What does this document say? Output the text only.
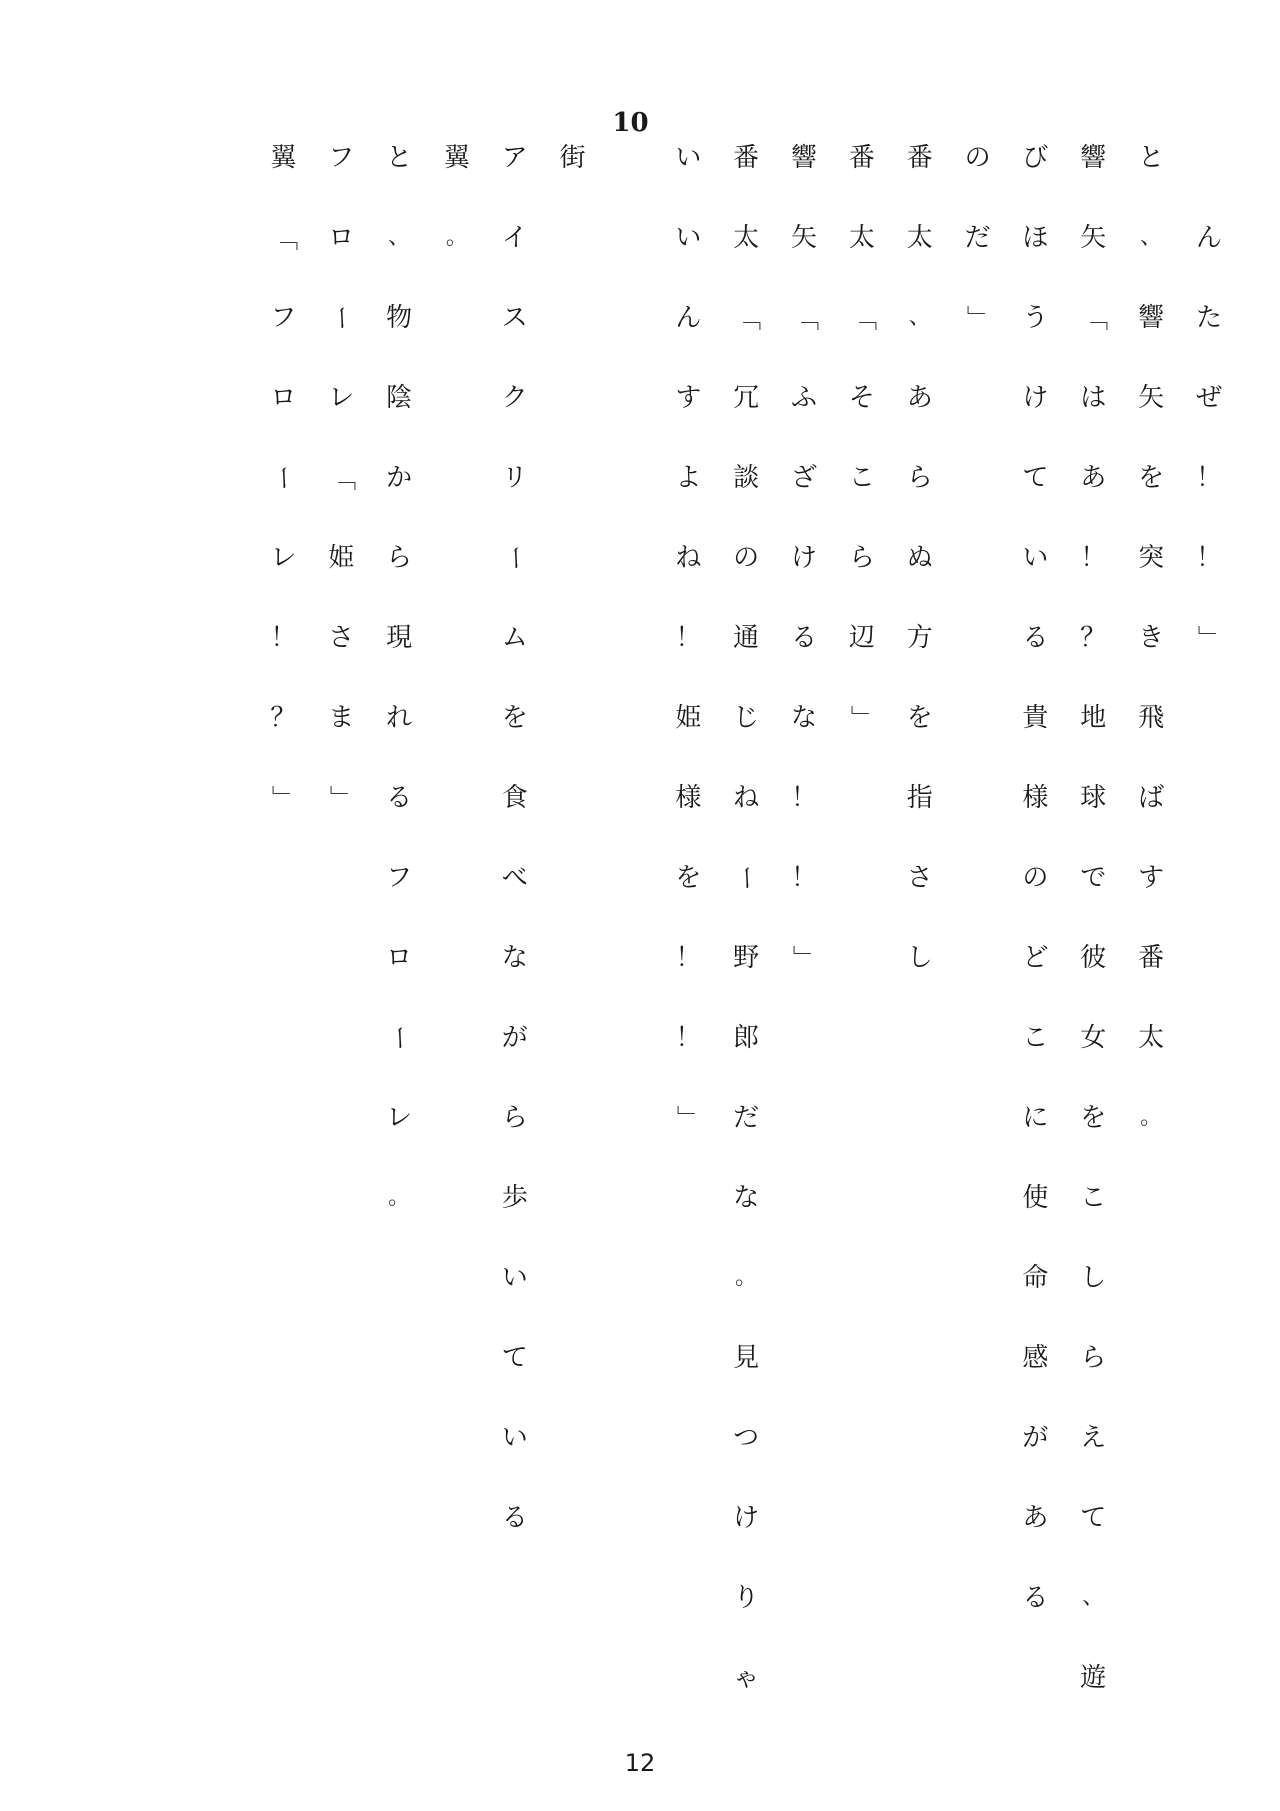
ん
た
ぜ
！
！
」
と
、
響
矢
を
突
き
飛
ば
す
番
太
。
響
矢
「
は
あ
！
？
地
球
で
彼
女
を
こ
し
ら
え
て
、
遊
び
ほ
う
け
て
い
る
貴
様
の
ど
こ
に
使
命
感
が
あ
る
の
だ
」
番
太
、
あ
ら
ぬ
方
を
指
さ
し
番
太
「
そ
こ
ら
辺
」
響
矢
「
ふ
ざ
け
る
な
！
！
」
番
太
「
冗
談
の
通
じ
ね
ー
野
郎
だ
な
。
見
つ
け
り
ゃ
い
い
ん
す
よ
ね
！
姫
様
を
！
！
」
街
ア
イ
ス
ク
リ
ー
ム
を
食
べ
な
が
ら
歩
い
て
い
る
翼
。
と
、
物
陰
か
ら
現
れ
る
フ
ロ
ー
レ
。
フ
ロ
ー
レ
「
姫
さ
ま
」
翼
「
フ
ロ
ー
レ
！
？
」
10
12
